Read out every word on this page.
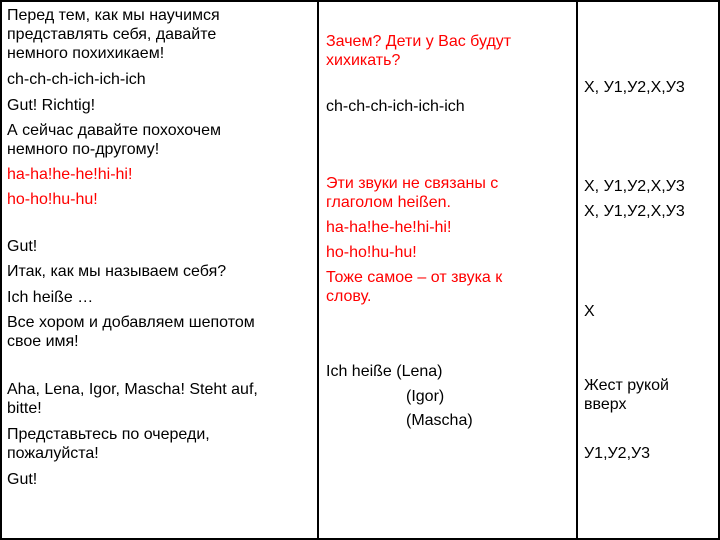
Перед тем, как мы научимся
представлять себя, давайте
немного похихикаем!
ch-ch-ch-ich-ich-ich
Gut! Richtig!
А сейчас давайте похохочем
немного по-другому!
ha-ha!he-he!hi-hi!
ho-ho!hu-hu!
Gut!
Итак, как мы называем себя?
Ich heiße …
Все хором и добавляем шепотом
свое имя!
Aha, Lena, Igor, Mascha! Steht auf,
bitte!
Представьтесь по очереди,
пожалуйста!
Gut!
Зачем? Дети у Вас будут
хихикать?
ch-ch-ch-ich-ich-ich
Эти звуки не связаны с
глаголом heißen.
ha-ha!he-he!hi-hi!
ho-ho!hu-hu!
Тоже самое – от звука к
слову.
Ich heiße (Lena)
(Igor)
(Mascha)
Х, У1,У2,Х,У3
Х, У1,У2,Х,У3
Х, У1,У2,Х,У3
Х
Жест рукой
вверх
У1,У2,У3
